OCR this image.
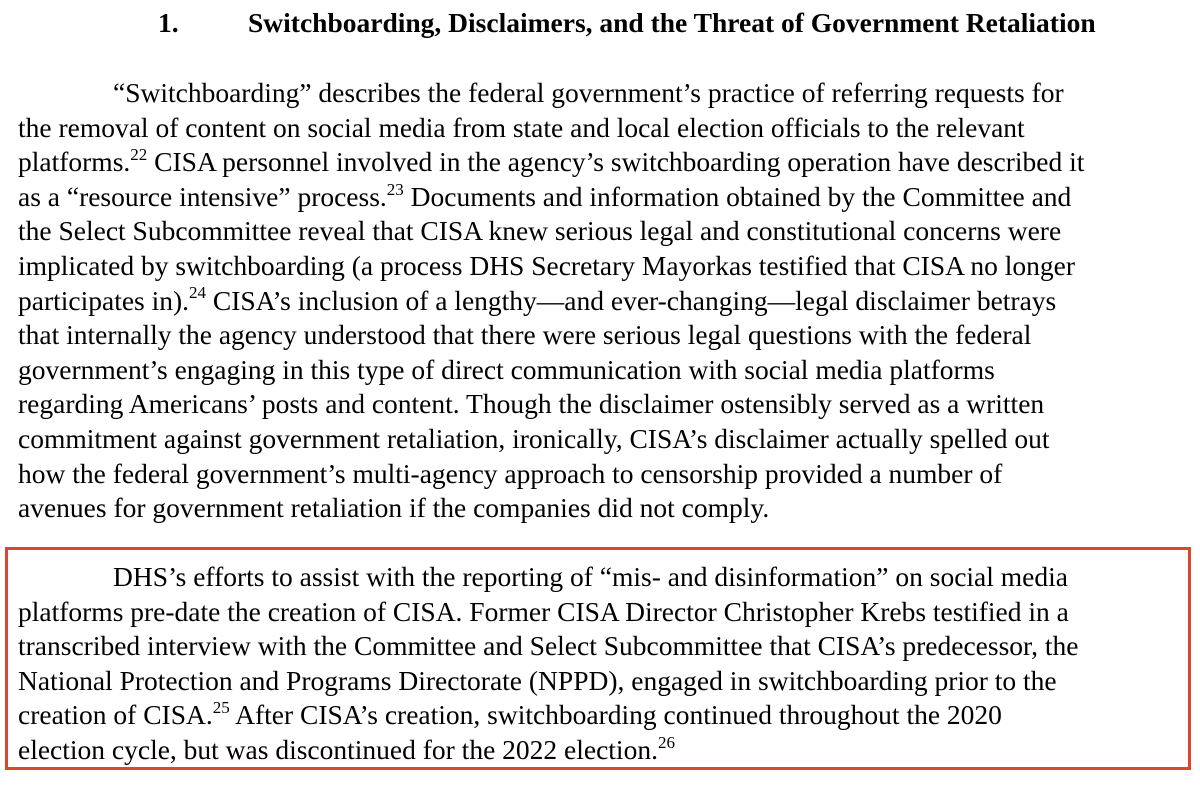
1.	Switchboarding, Disclaimers, and the Threat of Government Retaliation
“Switchboarding” describes the federal government’s practice of referring requests for
the removal of content on social media from state and local election officials to the relevant
platforms.$^{22}$ CISA personnel involved in the agency’s switchboarding operation have described it
as a “resource intensive” process.$^{23}$ Documents and information obtained by the Committee and
the Select Subcommittee reveal that CISA knew serious legal and constitutional concerns were
implicated by switchboarding (a process DHS Secretary Mayorkas testified that CISA no longer
participates in).$^{24}$ CISA’s inclusion of a lengthy—and ever-changing—legal disclaimer betrays
that internally the agency understood that there were serious legal questions with the federal
government’s engaging in this type of direct communication with social media platforms
regarding Americans’ posts and content. Though the disclaimer ostensibly served as a written
commitment against government retaliation, ironically, CISA’s disclaimer actually spelled out
how the federal government’s multi-agency approach to censorship provided a number of
avenues for government retaliation if the companies did not comply.
DHS’s efforts to assist with the reporting of “mis- and disinformation” on social media
platforms pre-date the creation of CISA. Former CISA Director Christopher Krebs testified in a
transcribed interview with the Committee and Select Subcommittee that CISA’s predecessor, the
National Protection and Programs Directorate (NPPD), engaged in switchboarding prior to the
creation of CISA.$^{25}$ After CISA’s creation, switchboarding continued throughout the 2020
election cycle, but was discontinued for the 2022 election.$^{26}$
